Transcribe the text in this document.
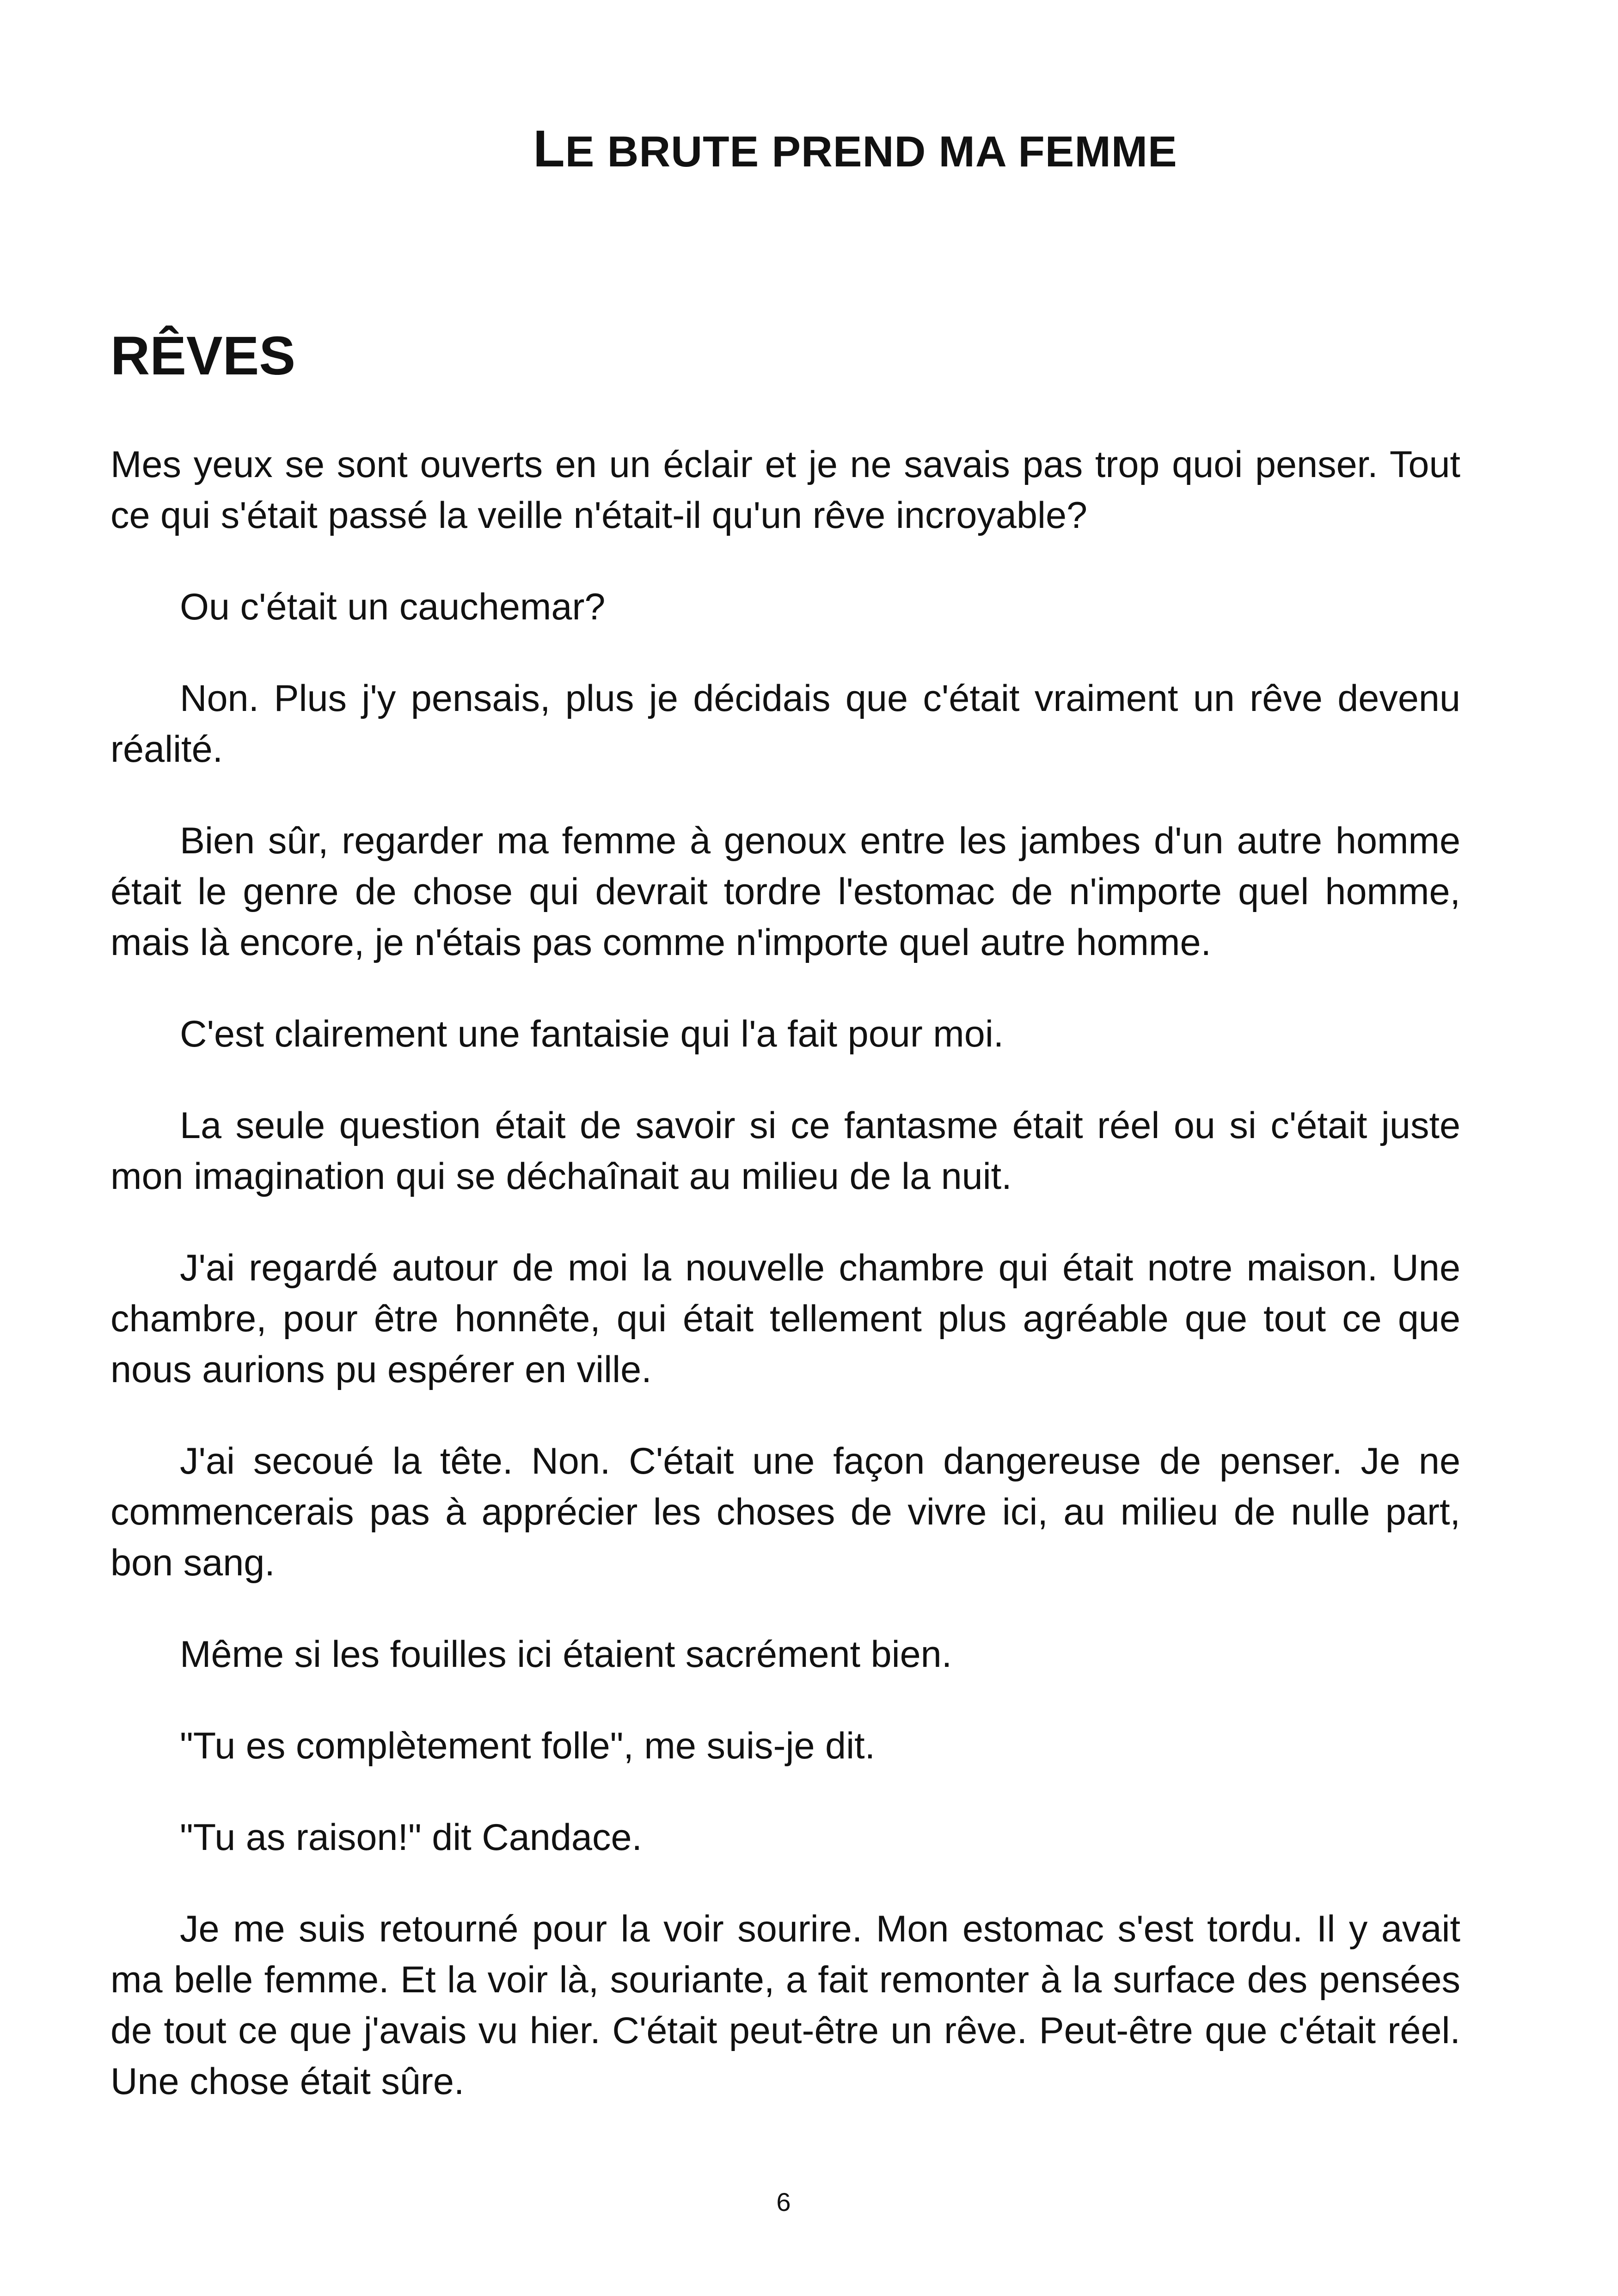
LE BRUTE PREND MA FEMME
RÊVES

Mes yeux se sont ouverts en un éclair et je ne savais pas trop quoi penser. Tout ce qui s'était passé la veille n'était-il qu'un rêve incroyable?

Ou c'était un cauchemar?

Non. Plus j'y pensais, plus je décidais que c'était vraiment un rêve devenu réalité.

Bien sûr, regarder ma femme à genoux entre les jambes d'un autre homme était le genre de chose qui devrait tordre l'estomac de n'importe quel homme, mais là encore, je n'étais pas comme n'importe quel autre homme.

C'est clairement une fantaisie qui l'a fait pour moi.

La seule question était de savoir si ce fantasme était réel ou si c'était juste mon imagination qui se déchaînait au milieu de la nuit.

J'ai regardé autour de moi la nouvelle chambre qui était notre maison. Une chambre, pour être honnête, qui était tellement plus agréable que tout ce que nous aurions pu espérer en ville.

J'ai secoué la tête. Non. C'était une façon dangereuse de penser. Je ne commencerais pas à apprécier les choses de vivre ici, au milieu de nulle part, bon sang.

Même si les fouilles ici étaient sacrément bien.

"Tu es complètement folle", me suis-je dit.

"Tu as raison!" dit Candace.

Je me suis retourné pour la voir sourire. Mon estomac s'est tordu. Il y avait ma belle femme. Et la voir là, souriante, a fait remonter à la surface des pensées de tout ce que j'avais vu hier. C'était peut-être un rêve. Peut-être que c'était réel. Une chose était sûre.

6
